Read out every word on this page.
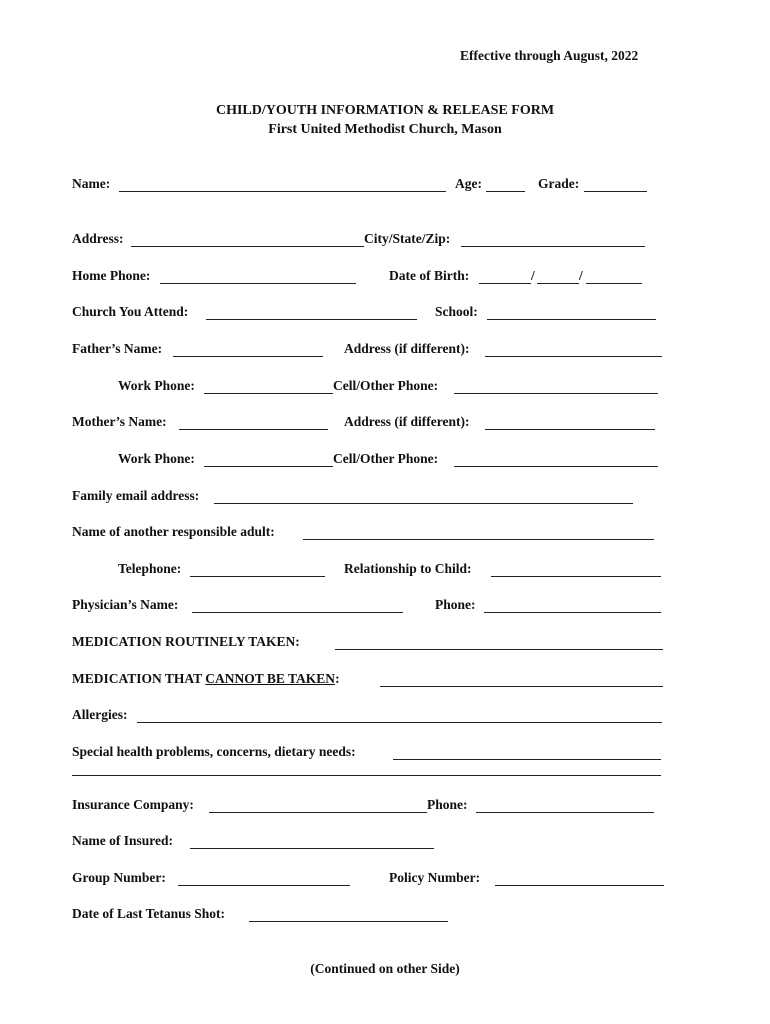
Effective through August, 2022
CHILD/YOUTH INFORMATION & RELEASE FORM
First United Methodist Church, Mason
Name:	Age:	Grade:
Address:	City/State/Zip:
Home Phone:	Date of Birth:	/	/
Church You Attend:	School:
Father’s Name:	Address (if different):
Work Phone:	Cell/Other Phone:
Mother’s Name:	Address (if different):
Work Phone:	Cell/Other Phone:
Family email address:
Name of another responsible adult:
Telephone:	Relationship to Child:
Physician’s Name:	Phone:
MEDICATION ROUTINELY TAKEN:
MEDICATION THAT CANNOT BE TAKEN:
Allergies:
Special health problems, concerns, dietary needs:
Insurance Company:	Phone:
Name of Insured:
Group Number:	Policy Number:
Date of Last Tetanus Shot:
(Continued on other Side)
